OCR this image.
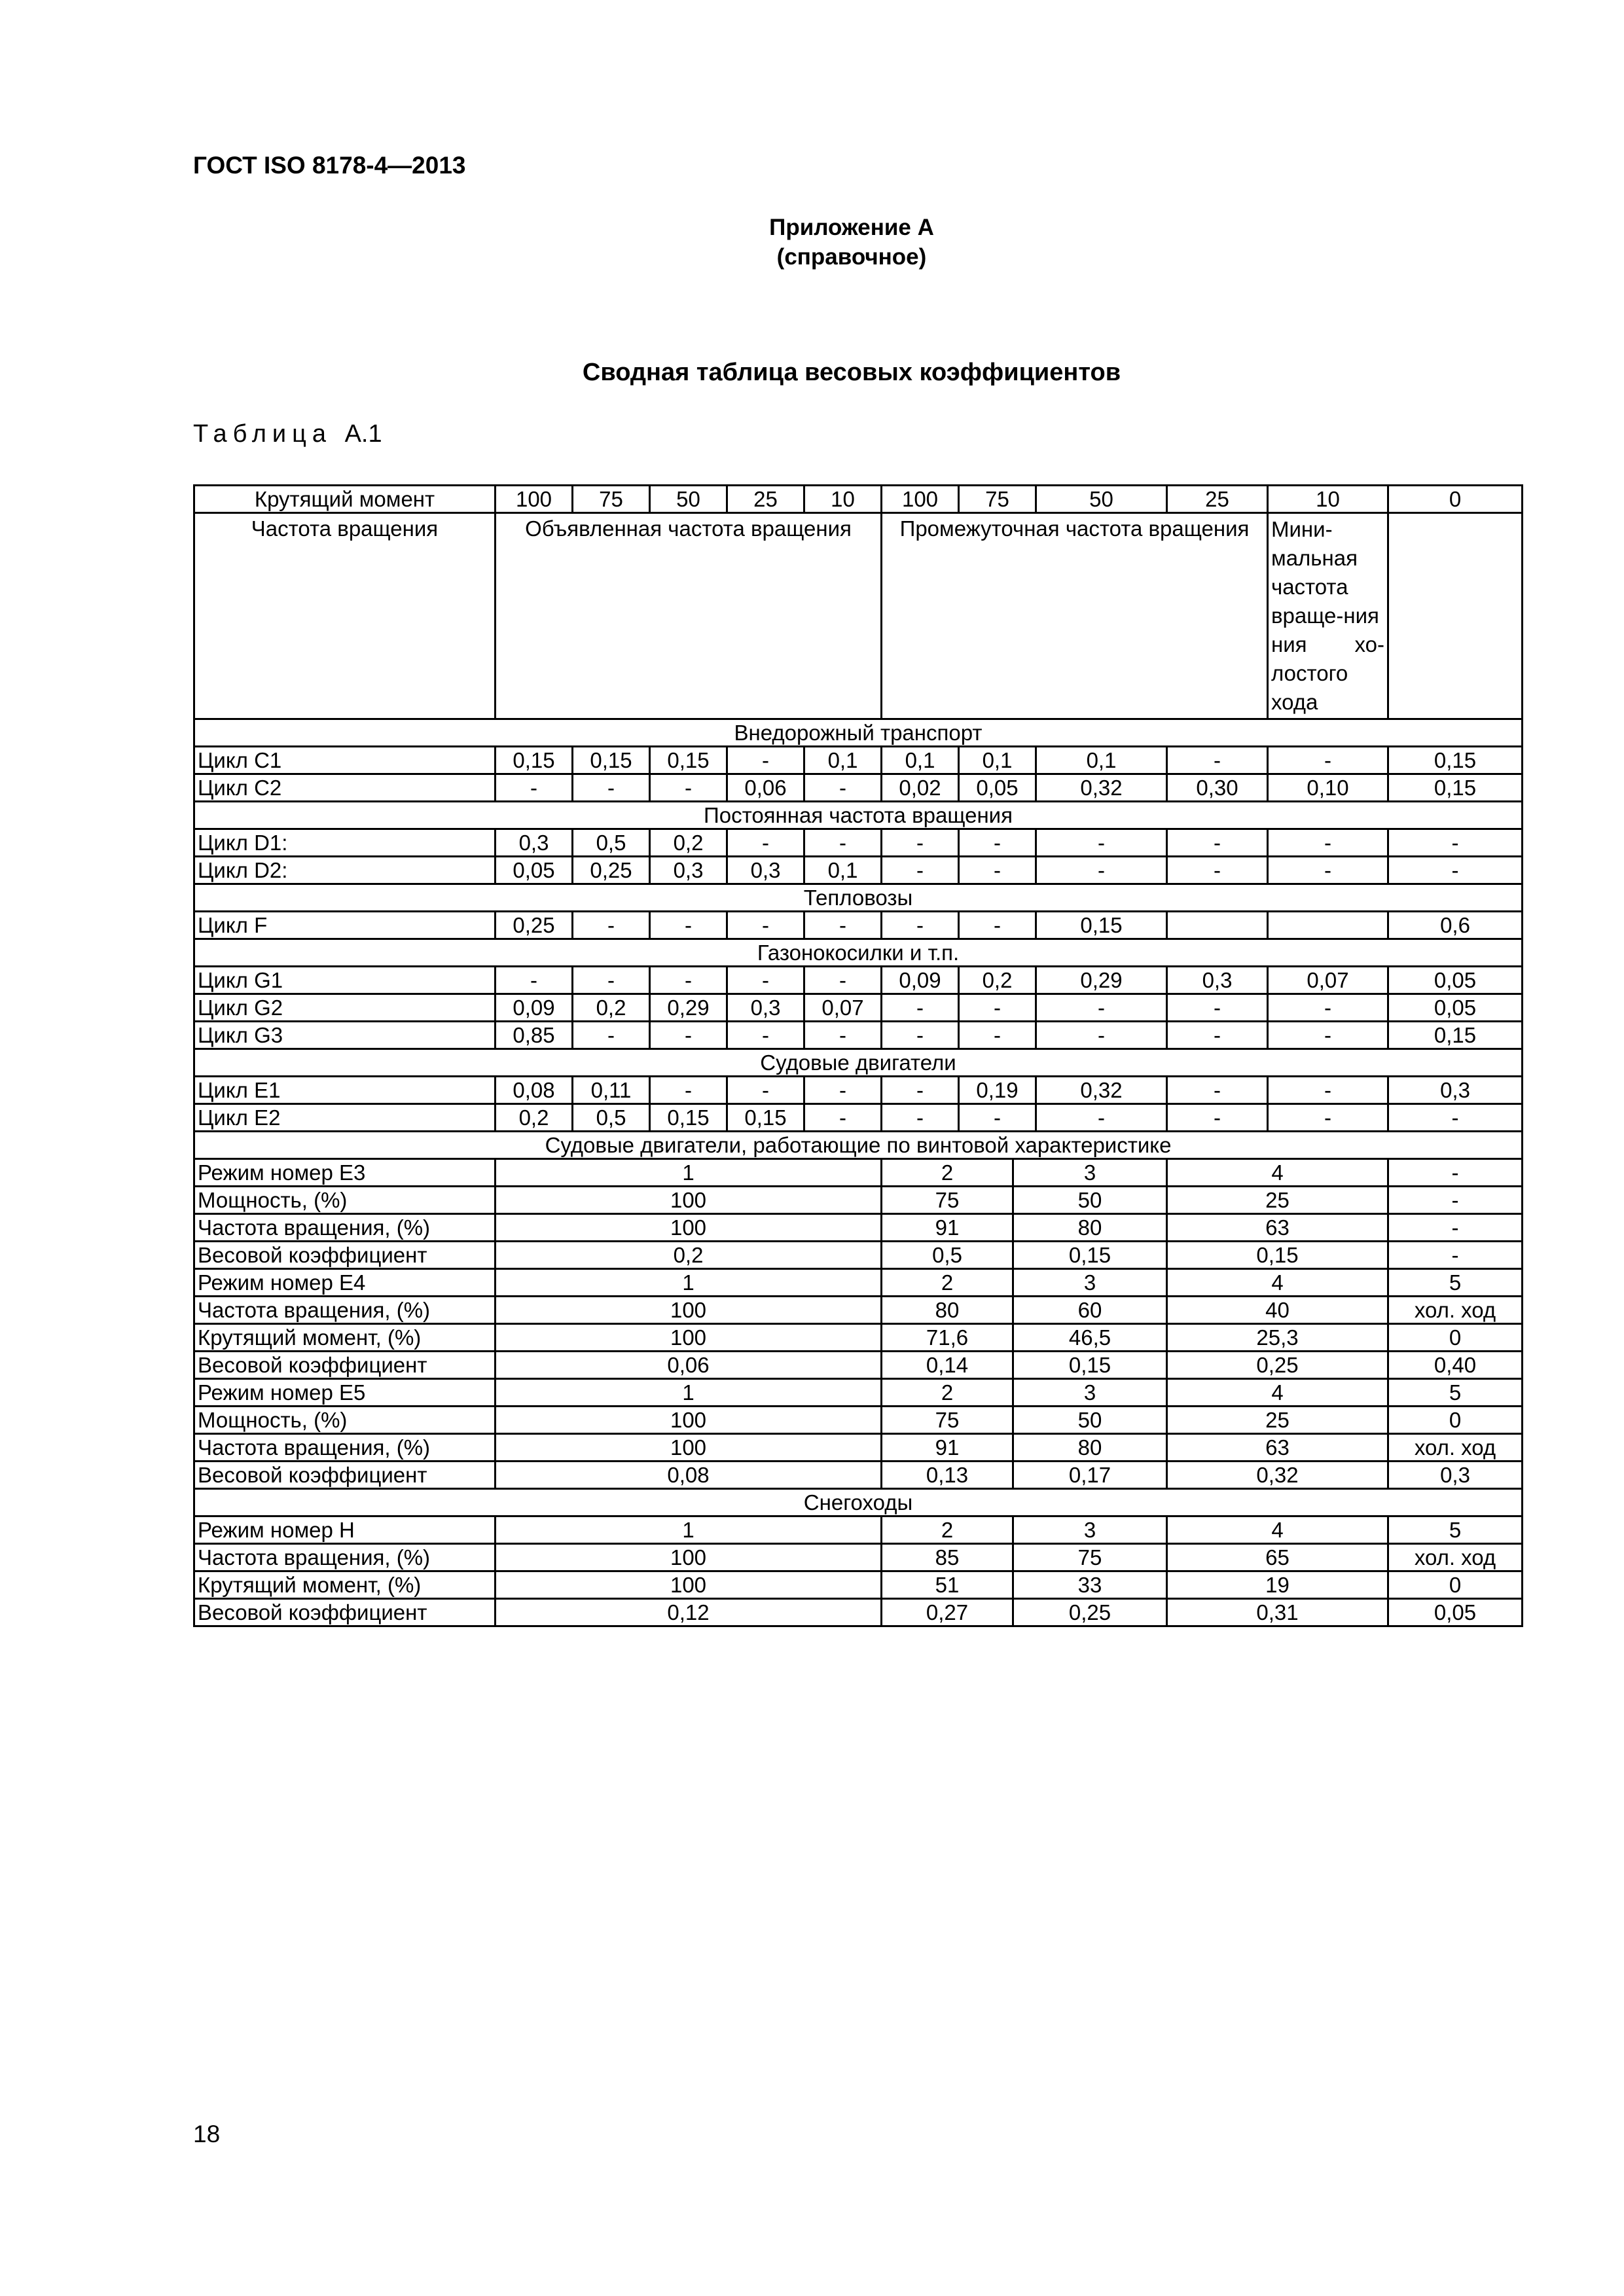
ГОСТ ISO 8178-4—2013
Приложение А
(справочное)
Сводная таблица весовых коэффициентов
Таблица А.1
Крутящий момент	100	75	50	25	10	100	75		50	25	10	0	
Частота вращения	Объявленная частота вращения					Промежуточная частота вращения					Мини-мальная частота враще-ния
ния хо-
лостого хода		

Внедорожный транспорт													
Цикл С1	0,15	0,15	0,15	-	0,1	0,1	0,1		0,1	-	-	0,15	
Цикл С2	-	-	-	0,06	-	0,02	0,05		0,32	0,30	0,10	0,15	
Постоянная частота вращения													
Цикл D1:	0,3	0,5	0,2	-	-	-	-		-	-	-	-	
Цикл D2:	0,05	0,25	0,3	0,3	0,1	-	-		-	-	-	-	
Тепловозы													
Цикл F	0,25	-	-	-	-	-	-		0,15			0,6	
Газонокосилки и т.п.													
Цикл G1	-	-	-	-	-	0,09	0,2		0,29	0,3	0,07	0,05	
Цикл G2	0,09	0,2	0,29	0,3	0,07	-	-		-	-	-	0,05	
Цикл G3	0,85	-	-	-	-	-	-		-	-	-	0,15	
Судовые двигатели													
Цикл Е1	0,08	0,11	-	-	-	-	0,19		0,32	-	-	0,3	
Цикл Е2	0,2	0,5	0,15	0,15	-	-	-		-	-	-	-	
Судовые двигатели, работающие по винтовой характеристике													
Режим номер Е3	1					2		3		4		-	
Мощность, (%)	100					75		50		25		-	
Частота вращения, (%)	100					91		80		63		-	
Весовой коэффициент	0,2					0,5		0,15		0,15		-	
Режим номер Е4	1					2		3		4		5	
Частота вращения, (%)	100					80		60		40		хол. ход	
Крутящий момент, (%)	100					71,6		46,5		25,3		0	
Весовой коэффициент	0,06					0,14		0,15		0,25		0,40	
Режим номер Е5	1					2		3		4		5	
Мощность, (%)	100					75		50		25		0	
Частота вращения, (%)	100					91		80		63		хол. ход	
Весовой коэффициент	0,08					0,13		0,17		0,32		0,3	
Снегоходы													
Режим номер Н	1					2		3		4		5	
Частота вращения, (%)	100					85		75		65		хол. ход	
Крутящий момент, (%)	100					51		33		19		0	
Весовой коэффициент	0,12					0,27		0,25		0,31		0,05	
18
